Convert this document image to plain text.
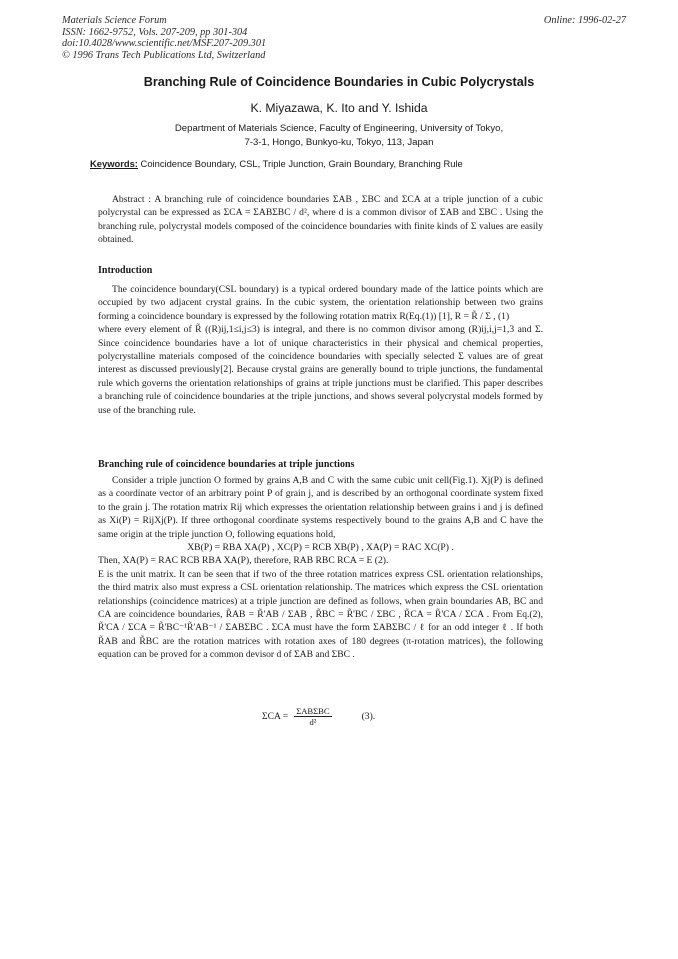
Materials Science Forum
ISSN: 1662-9752, Vols. 207-209, pp 301-304
doi:10.4028/www.scientific.net/MSF.207-209.301
© 1996 Trans Tech Publications Ltd, Switzerland
Online: 1996-02-27
Branching Rule of Coincidence Boundaries in Cubic Polycrystals
K. Miyazawa, K. Ito and Y. Ishida
Department of Materials Science, Faculty of Engineering, University of Tokyo,
7-3-1, Hongo, Bunkyo-ku, Tokyo, 113, Japan
Keywords: Coincidence Boundary, CSL, Triple Junction, Grain Boundary, Branching Rule

Abstract : A branching rule of coincidence boundaries ΣAB , ΣBC and ΣCA at a triple junction of a cubic polycrystal can be expressed as ΣCA = ΣABΣBC / d², where d is a common divisor of ΣAB and ΣBC . Using the branching rule, polycrystal models composed of the coincidence boundaries with finite kinds of Σ values are easily obtained.

Introduction

The coincidence boundary(CSL boundary) is a typical ordered boundary made of the lattice points which are occupied by two adjacent crystal grains. In the cubic system, the orientation relationship between two grains forming a coincidence boundary is expressed by the following rotation matrix R(Eq.(1)) [1], R = R̃ / Σ , (1)

where every element of R̃ ((R)ij,1≤i,j≤3) is integral, and there is no common divisor among (R)ij,i,j=1,3 and Σ. Since coincidence boundaries have a lot of unique characteristics in their physical and chemical properties, polycrystalline materials composed of the coincidence boundaries with specially selected Σ values are of great interest as discussed previously[2]. Because crystal grains are generally bound to triple junctions, the fundamental rule which governs the orientation relationships of grains at triple junctions must be clarified. This paper describes a branching rule of coincidence boundaries at the triple junctions, and shows several polycrystal models formed by use of the branching rule.

Branching rule of coincidence boundaries at triple junctions

Consider a triple junction O formed by grains A,B and C with the same cubic unit cell(Fig.1). Xj(P) is defined as a coordinate vector of an arbitrary point P of grain j, and is described by an orthogonal coordinate system fixed to the grain j. The rotation matrix Rij which expresses the orientation relationship between grains i and j is defined as Xi(P) = RijXj(P). If three orthogonal coordinate systems respectively bound to the grains A,B and C have the same origin at the triple junction O, following equations hold,

XB(P) = RBA XA(P) , XC(P) = RCB XB(P) , XA(P) = RAC XC(P) .

Then, XA(P) = RAC RCB RBA XA(P), therefore, RAB RBC RCA = E (2).

E is the unit matrix. It can be seen that if two of the three rotation matrices express CSL orientation relationships, the third matrix also must express a CSL orientation relationship. The matrices which express the CSL orientation relationships (coincidence matrices) at a triple junction are defined as follows, when grain boundaries AB, BC and CA are coincidence boundaries, R̃AB = R̃'AB / ΣAB , R̃BC = R̃'BC / ΣBC , R̃CA = R̃'CA / ΣCA . From Eq.(2), R̃'CA / ΣCA = R̃'BC⁻¹R̃'AB⁻¹ / ΣABΣBC . ΣCA must have the form ΣABΣBC / ℓ for an odd integer ℓ . If both R̃AB and R̃BC are the rotation matrices with rotation axes of 180 degrees (π-rotation matrices), the following equation can be proved for a common devisor d of ΣAB and ΣBC .

$\Sigma CA = \frac{\text{ΣABΣBC}}{\text{d²}}$	(3).
